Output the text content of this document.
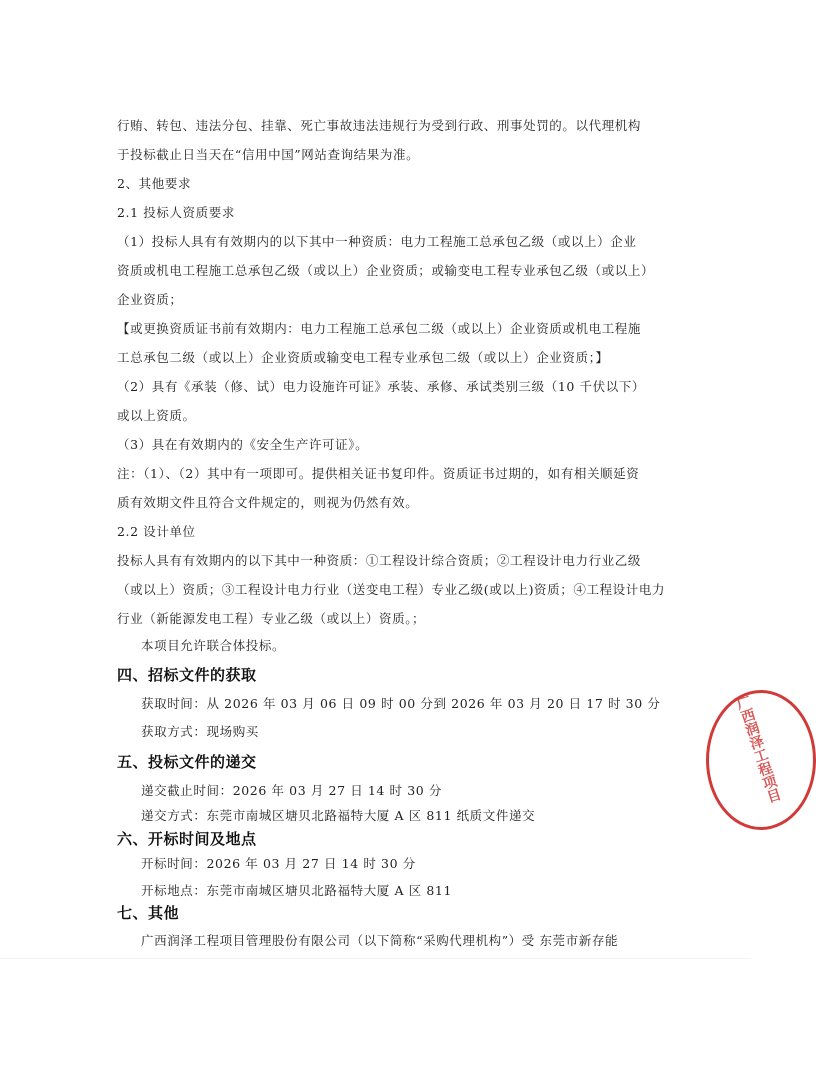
行贿、转包、违法分包、挂靠、死亡事故违法违规行为受到行政、刑事处罚的。以代理机构
于投标截止日当天在“信用中国”网站查询结果为准。
2、其他要求
2.1 投标人资质要求
（1）投标人具有有效期内的以下其中一种资质：电力工程施工总承包乙级（或以上）企业
资质或机电工程施工总承包乙级（或以上）企业资质；或输变电工程专业承包乙级（或以上）
企业资质；
【或更换资质证书前有效期内：电力工程施工总承包二级（或以上）企业资质或机电工程施
工总承包二级（或以上）企业资质或输变电工程专业承包二级（或以上）企业资质；】
（2）具有《承装（修、试）电力设施许可证》承装、承修、承试类别三级（10 千伏以下）
或以上资质。
（3）具在有效期内的《安全生产许可证》。
注：（1）、（2）其中有一项即可。提供相关证书复印件。资质证书过期的，如有相关顺延资
质有效期文件且符合文件规定的，则视为仍然有效。
2.2 设计单位
投标人具有有效期内的以下其中一种资质：①工程设计综合资质；②工程设计电力行业乙级
（或以上）资质；③工程设计电力行业（送变电工程）专业乙级(或以上)资质；④工程设计电力
行业（新能源发电工程）专业乙级（或以上）资质。；
本项目允许联合体投标。
四、招标文件的获取
获取时间：从 2026 年 03 月 06 日 09 时 00 分到 2026 年 03 月 20 日 17 时 30 分
获取方式：现场购买
五、投标文件的递交
递交截止时间：2026 年 03 月 27 日 14 时 30 分
递交方式：东莞市南城区塘贝北路福特大厦 A 区 811 纸质文件递交
六、开标时间及地点
开标时间：2026 年 03 月 27 日 14 时 30 分
开标地点：东莞市南城区塘贝北路福特大厦 A 区 811
七、其他
广西润泽工程项目管理股份有限公司（以下简称“采购代理机构”）受 东莞市新存能
广西润泽工程项目
